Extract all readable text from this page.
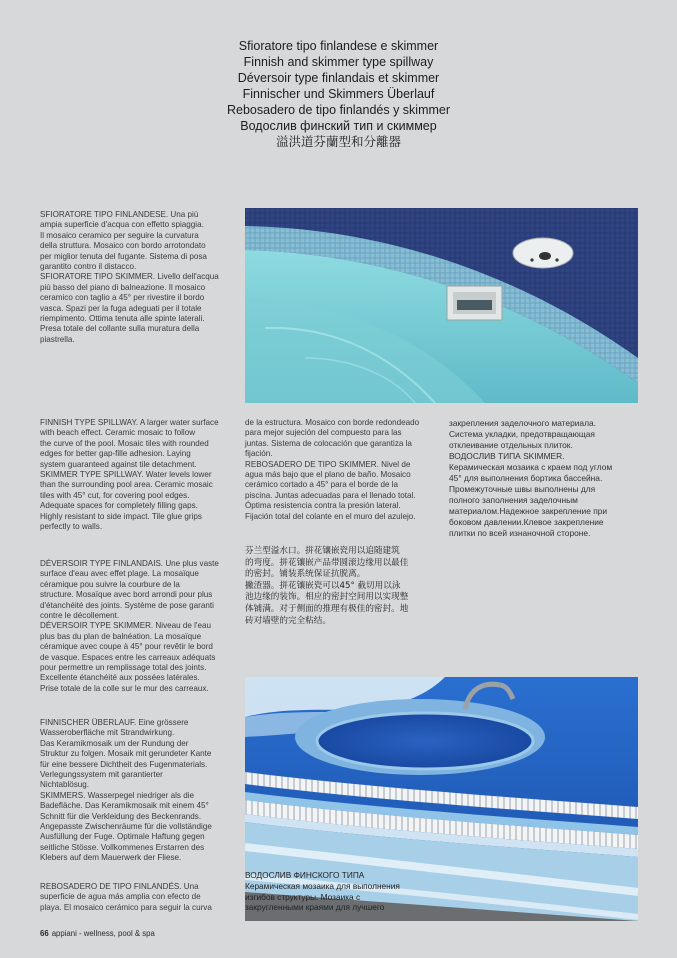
Sfioratore tipo finlandese e skimmer
Finnish and skimmer type spillway
Déversoir type finlandais et skimmer
Finnischer und Skimmers Überlauf
Rebosadero de tipo finlandés y skimmer
Водослив финский тип и скиммер
溢洪道芬蘭型和分離器

SFIORATORE TIPO FINLANDESE. Una più
ampia superficie d'acqua con effetto spiaggia.
Il mosaico ceramico per seguire la curvatura
della struttura. Mosaico con bordo arrotondato
per miglior tenuta del fugante. Sistema di posa
garantito contro il distacco.
SFIORATORE TIPO SKIMMER. Livello dell'acqua
più basso del piano di balneazione. Il mosaico
ceramico con taglio a 45° per rivestire il bordo
vasca. Spazi per la fuga adeguati per il totale
riempimento. Ottima tenuta alle spinte laterali.
Presa totale del collante sulla muratura della
piastrella.

FINNISH TYPE SPILLWAY. A larger water surface
with beach effect. Ceramic mosaic to follow
the curve of the pool. Mosaic tiles with rounded
edges for better gap-fille adhesion. Laying
system guaranteed against tile detachment.
SKIMMER TYPE SPILLWAY. Water levels lower
than the surrounding pool area. Ceramic mosaic
tiles with 45° cut, for covering pool edges.
Adequate spaces for completely filling gaps.
Highly resistant to side impact. Tile glue grips
perfectly to walls.

DÉVERSOIR TYPE FINLANDAIS. Une plus vaste
surface d'eau avec effet plage. La mosaïque
céramique pou suivre la courbure de la
structure. Mosaïque avec bord arrondi pour plus
d'étanchéité des joints. Système de pose garanti
contre le décollement.
DÉVERSOIR TYPE SKIMMER. Niveau de l'eau
plus bas du plan de balnéation. La mosaïque
céramique avec coupe à 45° pour revêtir le bord
de vasque. Espaces entre les carreaux adéquats
pour permettre un remplissage total des joints.
Excellente étanchéité aux possées latérales.
Prise totale de la colle sur le mur des carreaux.

FINNISCHER ÜBERLAUF. Eine grössere
Wasseroberfläche mit Strandwirkung.
Das Keramikmosaik um der Rundung der
Struktur zu folgen. Mosaik mit gerundeter Kante
für eine bessere Dichtheit des Fugenmaterials.
Verlegungssystem mit garantierter
Nichtablösug.
SKIMMERS. Wasserpegel niedriger als die
Badefläche. Das Keramikmosaik mit einem 45°
Schnitt für die Verkleidung des Beckenrands.
Angepasste Zwischenräume für die vollständige
Ausfüllung der Fuge. Optimale Haftung gegen
seitliche Stösse. Vollkommenes Erstarren des
Klebers auf dem Mauerwerk der Fliese.

REBOSADERO DE TIPO FINLANDÉS. Una
superficie de agua más amplia con efecto de
playa. El mosaico cerámico para seguir la curva

de la estructura. Mosaico con borde redondeado
para mejor sujeción del compuesto para las
juntas. Sistema de colocación que garantiza la
fijación.
REBOSADERO DE TIPO SKIMMER. Nivel de
agua más bajo que el plano de baño. Mosaico
cerámico cortado a 45° para el borde de la
piscina. Juntas adecuadas para el llenado total.
Óptima resistencia contra la presión lateral.
Fijación total del colante en el muro del azulejo.

закрепления заделочного материала.
Система укладки, предотвращающая
отклеивание отдельных плиток.
ВОДОСЛИВ ТИПА SKIMMER.
Керамическая мозаика с краем под углом
45° для выполнения бортика бассейна.
Промежуточные швы выполнены для
полного заполнения заделочным
материалом.Надежное закрепление при
боковом давлении.Клевое закрепление
плитки по всей изнаночной стороне.

芬兰型溢水口。拼花镶嵌瓷用以追随建筑
的弯度。拼花镶嵌产品带圆滚边缘用以最佳
的密封。铺装系统保证抗脱离。
撇渣器。拼花镶嵌瓷可以45° 截切用以泳
池边缘的装饰。相应的密封空间用以实现整
体铺满。对于侧面的推理有极佳的密封。地
砖对墙壁的完全粘结。

ВОДОСЛИВ ФИНСКОГО ТИПА
Керамическая мозаика для выполнения
изгибов структуры. Мозаика с
закругленными краями для лучшего

66 appiani - wellness, pool & spa
